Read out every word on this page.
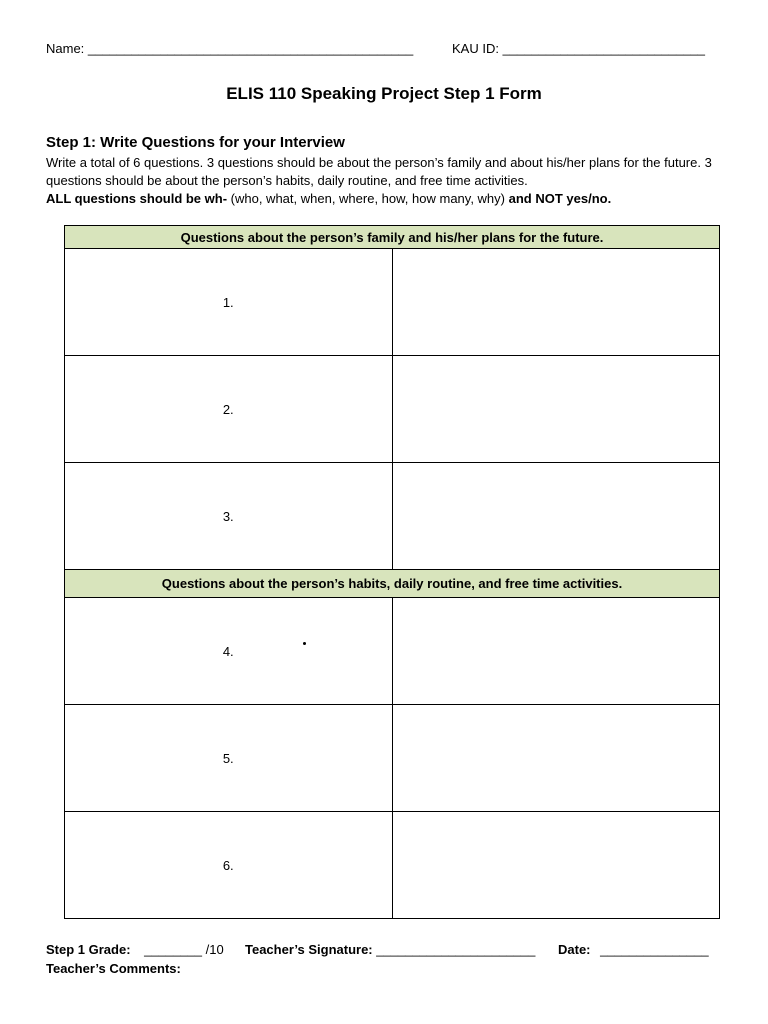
Name: _____________________________________________	KAU ID: ____________________________
ELIS 110 Speaking Project Step 1 Form
Step 1: Write Questions for your Interview
Write a total of 6 questions. 3 questions should be about the person’s family and about his/her plans for the future. 3 questions should be about the person’s habits, daily routine, and free time activities.
ALL questions should be wh- (who, what, when, where, how, how many, why) and NOT yes/no.
Questions about the person’s family and his/her plans for the future.	
1.	
2.	
3.	
Questions about the person’s habits, daily routine, and free time activities.	
4.	
5.	
6.	
Step 1 Grade: ________ /10 Teacher’s Signature: ______________________ Date: _______________
Teacher’s Comments:
